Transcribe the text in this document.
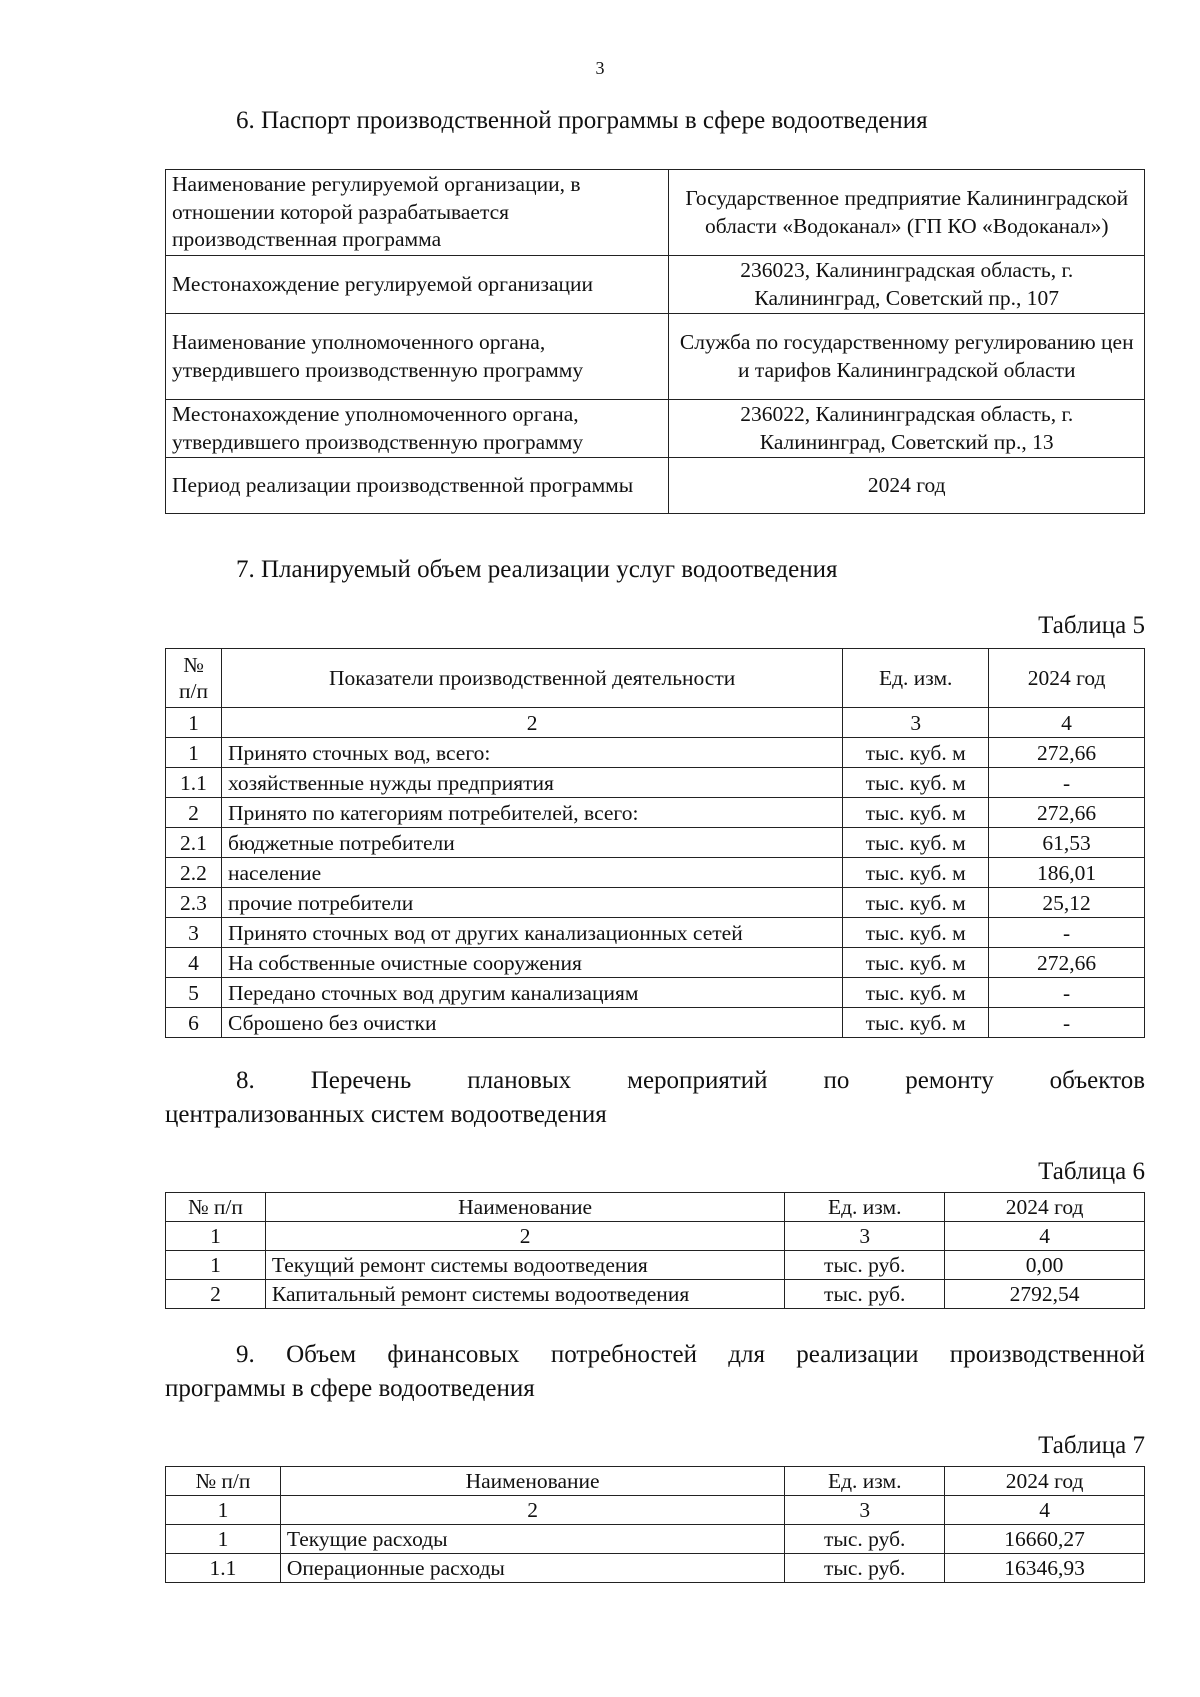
3
6. Паспорт производственной программы в сфере водоотведения
Наименование регулируемой организации, в отношении которой разрабатывается производственная программа	Государственное предприятие Калининградской области «Водоканал» (ГП КО «Водоканал»)
Местонахождение регулируемой организации	236023, Калининградская область, г. Калининград, Советский пр., 107
Наименование уполномоченного органа, утвердившего производственную программу	Служба по государственному регулированию цен и тарифов Калининградской области
Местонахождение уполномоченного органа, утвердившего производственную программу	236022, Калининградская область, г. Калининград, Советский пр., 13
Период реализации производственной программы	2024 год
7. Планируемый объем реализации услуг водоотведения
Таблица 5
№ п/п	Показатели производственной деятельности	Ед. изм.	2024 год
1	2	3	4
1	Принято сточных вод, всего:	тыс. куб. м	272,66
1.1	хозяйственные нужды предприятия	тыс. куб. м	-
2	Принято по категориям потребителей, всего:	тыс. куб. м	272,66
2.1	бюджетные потребители	тыс. куб. м	61,53
2.2	население	тыс. куб. м	186,01
2.3	прочие потребители	тыс. куб. м	25,12
3	Принято сточных вод от других канализационных сетей	тыс. куб. м	-
4	На собственные очистные сооружения	тыс. куб. м	272,66
5	Передано сточных вод другим канализациям	тыс. куб. м	-
6	Сброшено без очистки	тыс. куб. м	-
8. Перечень плановых мероприятий по ремонту объектов
централизованных систем водоотведения
Таблица 6
№ п/п	Наименование	Ед. изм.	2024 год
1	2	3	4
1	Текущий ремонт системы водоотведения	тыс. руб.	0,00
2	Капитальный ремонт системы водоотведения	тыс. руб.	2792,54
9. Объем финансовых потребностей для реализации производственной
программы в сфере водоотведения
Таблица 7
№ п/п	Наименование	Ед. изм.	2024 год
1	2	3	4
1	Текущие расходы	тыс. руб.	16660,27
1.1	Операционные расходы	тыс. руб.	16346,93
